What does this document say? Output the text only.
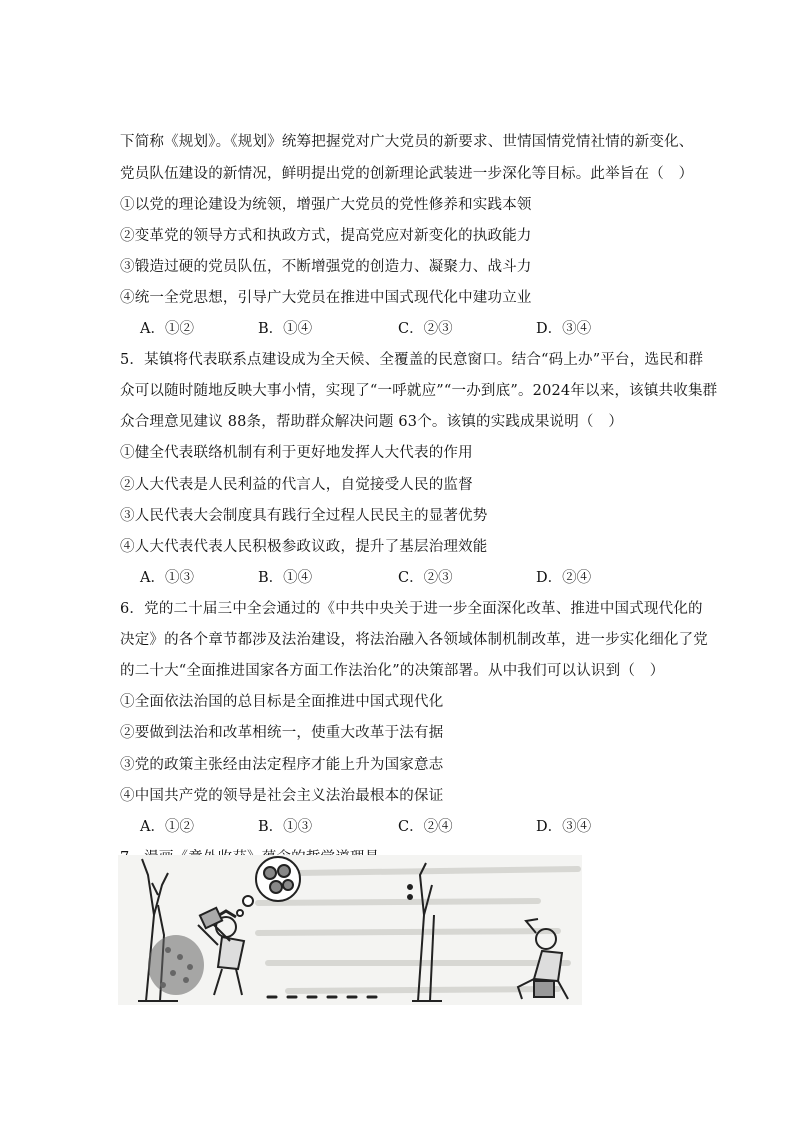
下简称《规划》。《规划》统筹把握党对广大党员的新要求、世情国情党情社情的新变化、
党员队伍建设的新情况，鲜明提出党的创新理论武装进一步深化等目标。此举旨在（　）
①以党的理论建设为统领，增强广大党员的党性修养和实践本领
②变革党的领导方式和执政方式，提高党应对新变化的执政能力
③锻造过硬的党员队伍，不断增强党的创造力、凝聚力、战斗力
④统一全党思想，引导广大党员在推进中国式现代化中建功立业
A．①②	B．①④	C．②③	D．③④
5．某镇将代表联系点建设成为全天候、全覆盖的民意窗口。结合“码上办”平台，选民和群
众可以随时随地反映大事小情，实现了“一呼就应”“一办到底”。2024年以来，该镇共收集群
众合理意见建议 88条，帮助群众解决问题 63个。该镇的实践成果说明（　）
①健全代表联络机制有利于更好地发挥人大代表的作用
②人大代表是人民利益的代言人，自觉接受人民的监督
③人民代表大会制度具有践行全过程人民民主的显著优势
④人大代表代表人民积极参政议政，提升了基层治理效能
A．①③	B．①④	C．②③	D．②④
6．党的二十届三中全会通过的《中共中央关于进一步全面深化改革、推进中国式现代化的
决定》的各个章节都涉及法治建设，将法治融入各领域体制机制改革，进一步实化细化了党
的二十大“全面推进国家各方面工作法治化”的决策部署。从中我们可以认识到（　）
①全面依法治国的总目标是全面推进中国式现代化
②要做到法治和改革相统一，使重大改革于法有据
③党的政策主张经由法定程序才能上升为国家意志
④中国共产党的领导是社会主义法治最根本的保证
A．①②	B．①③	C．②④	D．③④
